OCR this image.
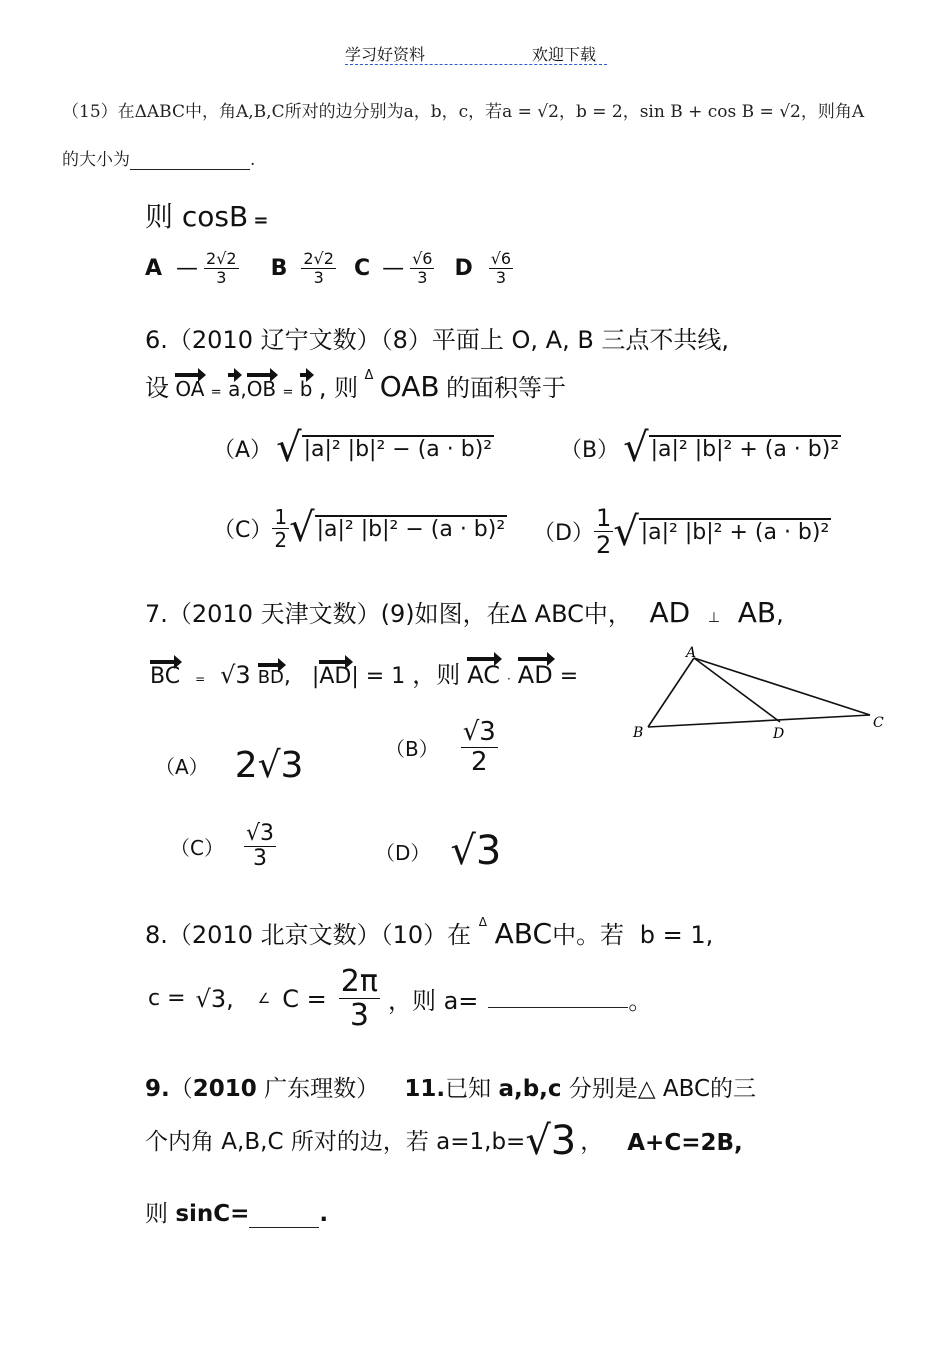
学习好资料	欢迎下载
（15）在ΔABC中，角A,B,C所对的边分别为a，b，c，若a = √2，b = 2，sin B + cos B = √2，则角A
的大小为	.
则 cosB =
A — $\frac{2√2}{3}$ B $\frac{2√2}{3}$ C — $\frac{√6}{3}$ D $\frac{√6}{3}$
6.（2010 辽宁文数）（8）平面上 O, A, B 三点不共线,
设 OA = a,OB = b , 则 $^\Delta$ OAB 的面积等于
（A） √ |a|² |b|² − (a · b)²	（B） √ |a|² |b|² + (a · b)²
$(C) \frac{1}{2}$ √ |a|² |b|² − (a · b)² $(D) \frac{1}{2}$ √ |a|² |b|² + (a · b)²
7.（2010 天津文数）(9)如图，在Δ ABC中， AD ⊥ AB,
BC = √3 BD, |AD| = 1 ，则 AC · AD =
A
B	D
C
（A） 2√3	$(B) \frac{√3}{2}$
$(C) \frac{√3}{3}$	（D） √3
8.（2010 北京文数）（10）在 $^\Delta$ ABC中。若 b = 1,
c = √3 , ∠ $C = \frac{2\pi}{3}$ ，则 a=	。
9.（2010 广东理数） 11.已知 a,b,c 分别是△ ABC的三
个内角 A,B,C 所对的边，若 a=1,b= √3 ， A+C=2B,
则 sinC=	.
